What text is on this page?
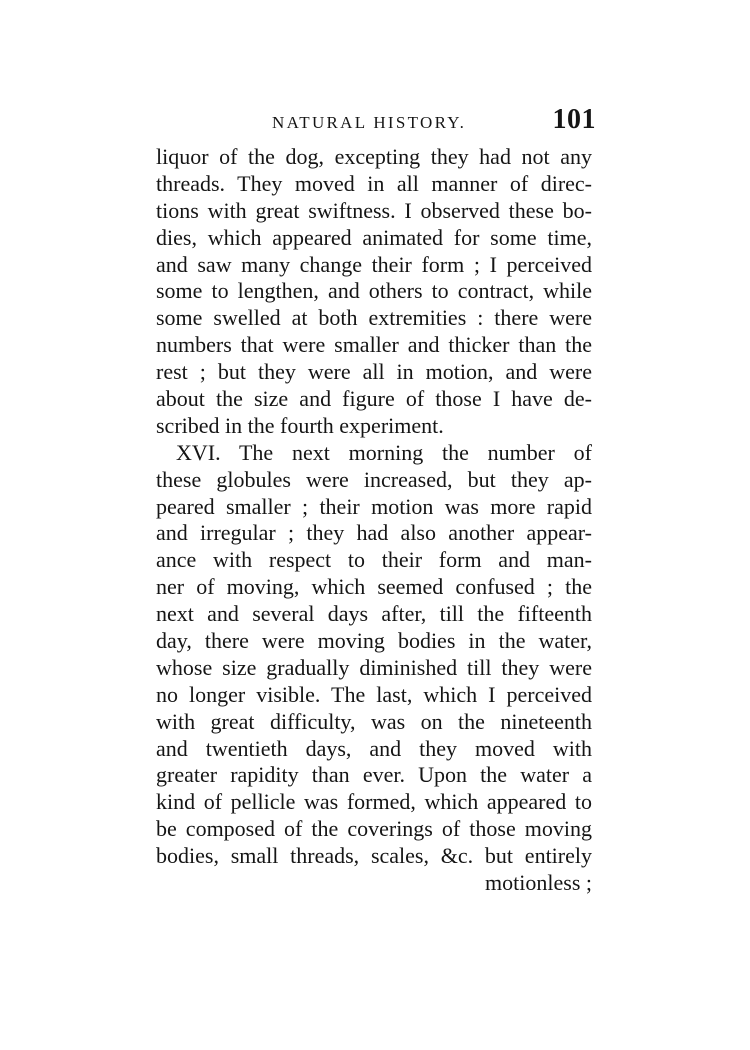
NATURAL HISTORY.	101
liquor of the dog, excepting they had not any
threads. They moved in all manner of direc-
tions with great swiftness. I observed these bo-
dies, which appeared animated for some time,
and saw many change their form ; I perceived
some to lengthen, and others to contract, while
some swelled at both extremities : there were
numbers that were smaller and thicker than the
rest ; but they were all in motion, and were
about the size and figure of those I have de-
scribed in the fourth experiment.
XVI. The next morning the number of
these globules were increased, but they ap-
peared smaller ; their motion was more rapid
and irregular ; they had also another appear-
ance with respect to their form and man-
ner of moving, which seemed confused ; the
next and several days after, till the fifteenth
day, there were moving bodies in the water,
whose size gradually diminished till they were
no longer visible. The last, which I perceived
with great difficulty, was on the nineteenth
and twentieth days, and they moved with
greater rapidity than ever. Upon the water a
kind of pellicle was formed, which appeared to
be composed of the coverings of those moving
bodies, small threads, scales, &c. but entirely
motionless ;
